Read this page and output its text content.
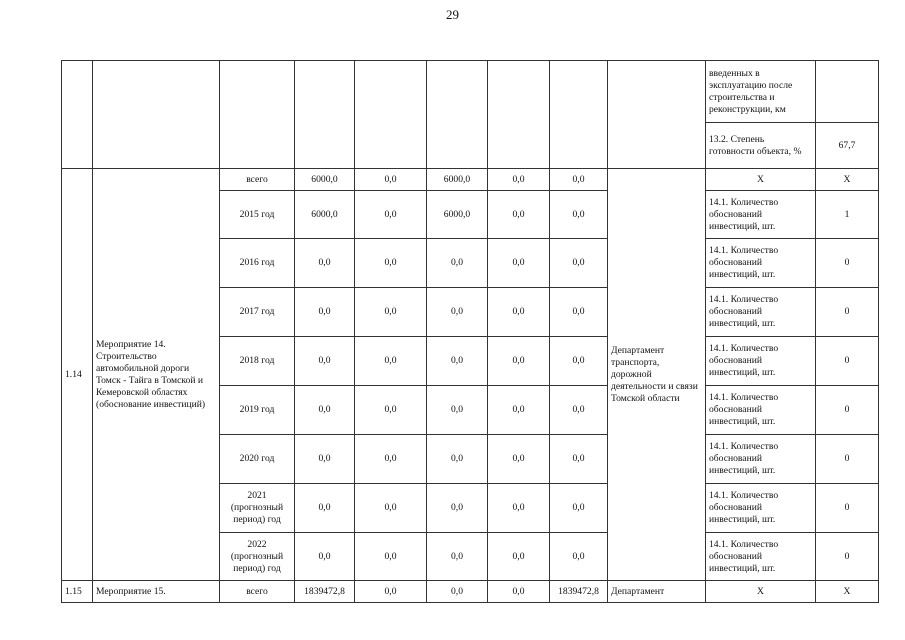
29
									введенных в эксплуатацию после строительства и реконструкции, км	
									13.2. Степень готовности объекта, %	67,7
1.14	Мероприятие 14. Строительство автомобильной дороги Томск - Тайга в Томской и Кемеровской областях (обоснование инвестиций)	всего	6000,0	0,0	6000,0	0,0	0,0	Департамент транспорта, дорожной деятельности и связи Томской области	X	X
		2015 год	6000,0	0,0	6000,0	0,0	0,0		14.1. Количество обоснований инвестиций, шт.	1
		2016 год	0,0	0,0	0,0	0,0	0,0		14.1. Количество обоснований инвестиций, шт.	0
		2017 год	0,0	0,0	0,0	0,0	0,0		14.1. Количество обоснований инвестиций, шт.	0
		2018 год	0,0	0,0	0,0	0,0	0,0		14.1. Количество обоснований инвестиций, шт.	0
		2019 год	0,0	0,0	0,0	0,0	0,0		14.1. Количество обоснований инвестиций, шт.	0
		2020 год	0,0	0,0	0,0	0,0	0,0		14.1. Количество обоснований инвестиций, шт.	0
		2021 (прогнозный период) год	0,0	0,0	0,0	0,0	0,0		14.1. Количество обоснований инвестиций, шт.	0
		2022 (прогнозный период) год	0,0	0,0	0,0	0,0	0,0		14.1. Количество обоснований инвестиций, шт.	0
1.15	Мероприятие 15.	всего	1839472,8	0,0	0,0	0,0	1839472,8	Департамент	X	X
